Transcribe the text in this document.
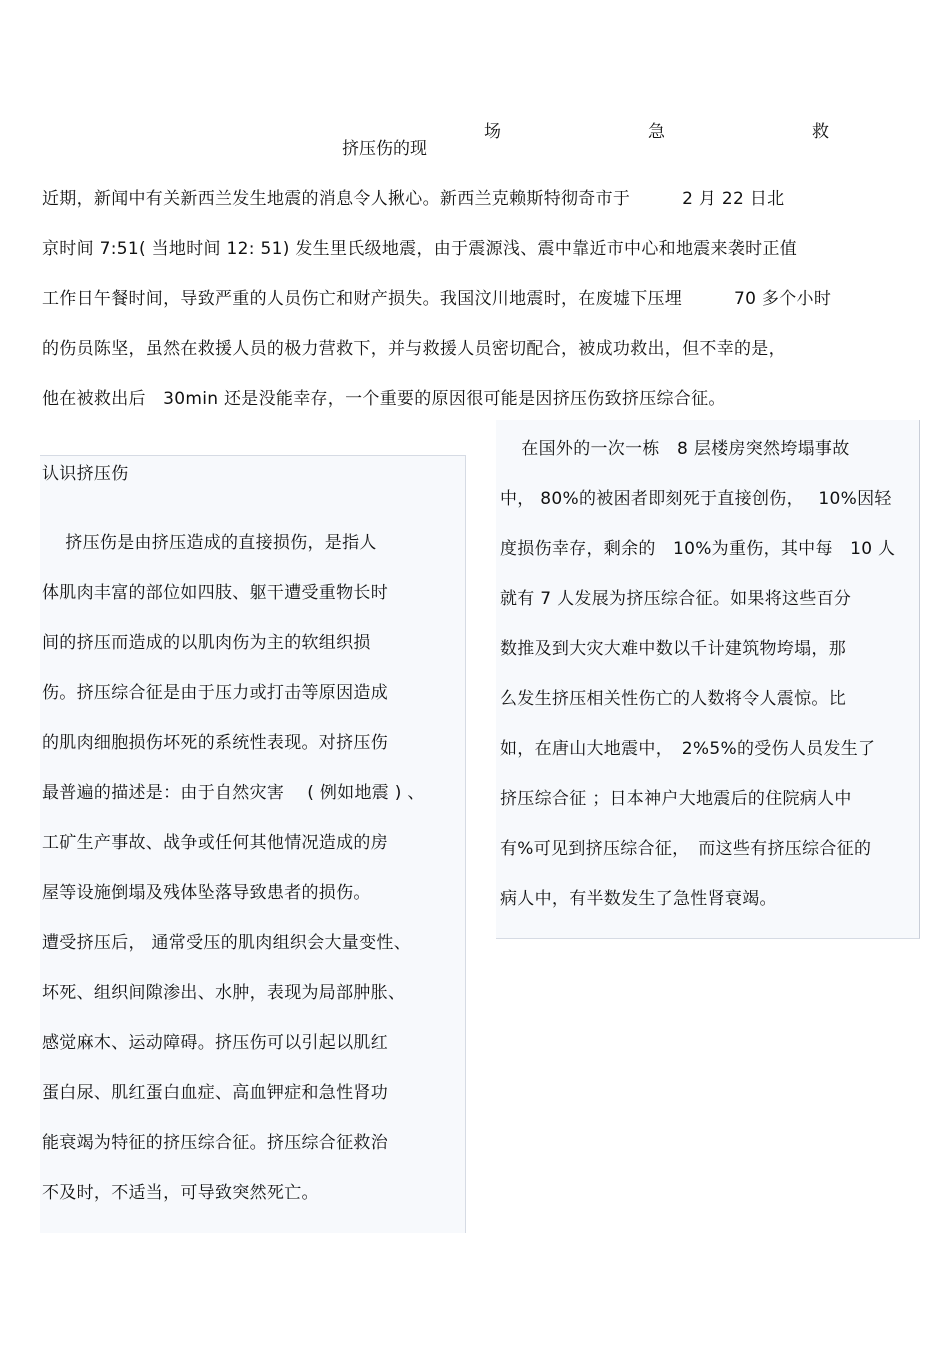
挤压伤的现
场	急	救
近期，新闻中有关新西兰发生地震的消息令人揪心。新西兰克赖斯特彻奇市于　　　2 月 22 日北
京时间 7:51( 当地时间 12: 51) 发生里氏级地震，由于震源浅、震中靠近市中心和地震来袭时正值
工作日午餐时间，导致严重的人员伤亡和财产损失。我国汶川地震时，在废墟下压埋　　　70 多个小时
的伤员陈坚，虽然在救援人员的极力营救下，并与救援人员密切配合，被成功救出，但不幸的是，
他在被救出后　30min 还是没能幸存，一个重要的原因很可能是因挤压伤致挤压综合征。
　在国外的一次一栋　8 层楼房突然垮塌事故
中， 80%的被困者即刻死于直接创伤，　 10%因轻
度损伤幸存，剩余的　10%为重伤，其中每　10 人
就有 7 人发展为挤压综合征。如果将这些百分
数推及到大灾大难中数以千计建筑物垮塌，那
么发生挤压相关性伤亡的人数将令人震惊。比
如，在唐山大地震中，　2%5%的受伤人员发生了
挤压综合征 ；日本神户大地震后的住院病人中
有%可见到挤压综合征，　而这些有挤压综合征的
病人中，有半数发生了急性肾衰竭。
认识挤压伤
　挤压伤是由挤压造成的直接损伤，是指人
体肌肉丰富的部位如四肢、躯干遭受重物长时
间的挤压而造成的以肌肉伤为主的软组织损
伤。挤压综合征是由于压力或打击等原因造成
的肌肉细胞损伤坏死的系统性表现。对挤压伤
最普遍的描述是：由于自然灾害　 ( 例如地震 ) 、
工矿生产事故、战争或任何其他情况造成的房
屋等设施倒塌及残体坠落导致患者的损伤。
遭受挤压后， 通常受压的肌肉组织会大量变性、
坏死、组织间隙渗出、水肿，表现为局部肿胀、
感觉麻木、运动障碍。挤压伤可以引起以肌红
蛋白尿、肌红蛋白血症、高血钾症和急性肾功
能衰竭为特征的挤压综合征。挤压综合征救治
不及时，不适当，可导致突然死亡。
